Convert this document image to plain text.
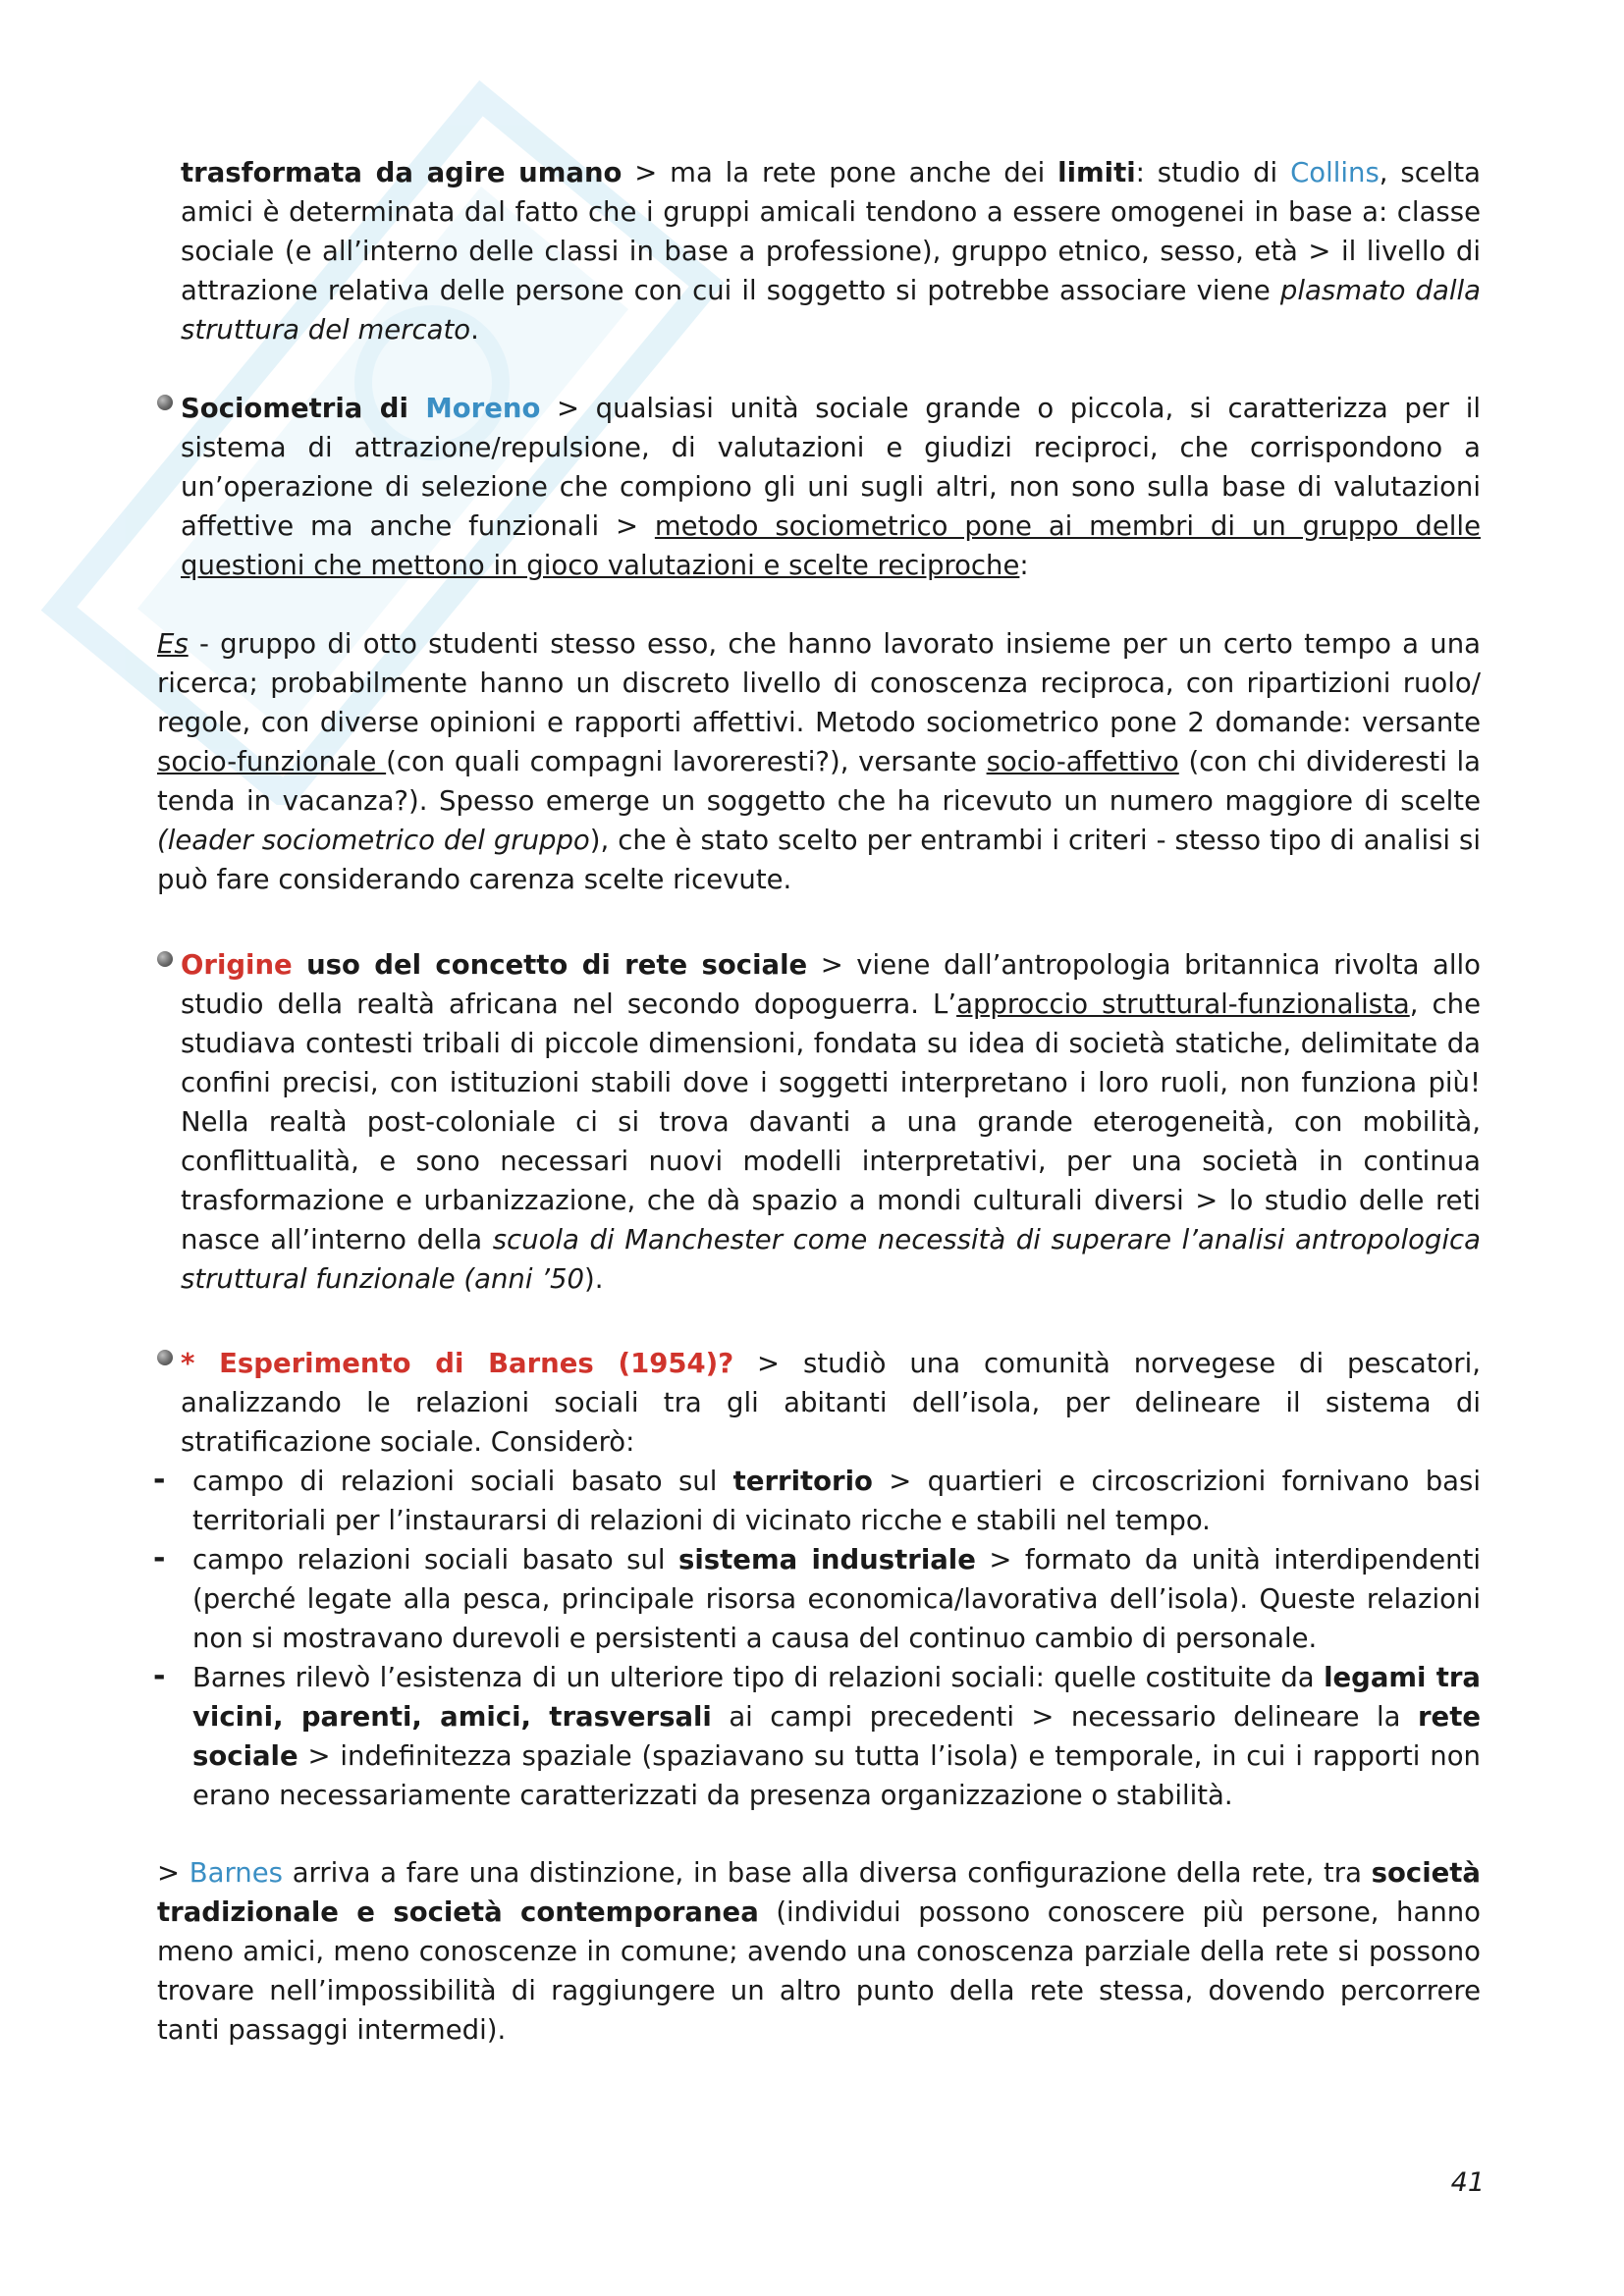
trasformata da agire umano > ma la rete pone anche dei limiti: studio di Collins, scelta amici è determinata dal fatto che i gruppi amicali tendono a essere omogenei in base a: classe sociale (e all’interno delle classi in base a professione), gruppo etnico, sesso, età > il livello di attrazione relativa delle persone con cui il soggetto si potrebbe associare viene plasmato dalla struttura del mercato.
Sociometria di Moreno > qualsiasi unità sociale grande o piccola, si caratterizza per il sistema di attrazione/repulsione, di valutazioni e giudizi reciproci, che corrispondono a un’operazione di selezione che compiono gli uni sugli altri, non sono sulla base di valutazioni affettive ma anche funzionali > metodo sociometrico pone ai membri di un gruppo delle questioni che mettono in gioco valutazioni e scelte reciproche:
Es - gruppo di otto studenti stesso esso, che hanno lavorato insieme per un certo tempo a una ricerca; probabilmente hanno un discreto livello di conoscenza reciproca, con ripartizioni ruolo/ regole, con diverse opinioni e rapporti affettivi. Metodo sociometrico pone 2 domande: versante socio-funzionale (con quali compagni lavoreresti?), versante socio-affettivo (con chi divideresti la tenda in vacanza?). Spesso emerge un soggetto che ha ricevuto un numero maggiore di scelte (leader sociometrico del gruppo), che è stato scelto per entrambi i criteri - stesso tipo di analisi si può fare considerando carenza scelte ricevute.
Origine uso del concetto di rete sociale > viene dall’antropologia britannica rivolta allo studio della realtà africana nel secondo dopoguerra. L’approccio struttural-funzionalista, che studiava contesti tribali di piccole dimensioni, fondata su idea di società statiche, delimitate da confini precisi, con istituzioni stabili dove i soggetti interpretano i loro ruoli, non funziona più! Nella realtà post-coloniale ci si trova davanti a una grande eterogeneità, con mobilità, conflittualità, e sono necessari nuovi modelli interpretativi, per una società in continua trasformazione e urbanizzazione, che dà spazio a mondi culturali diversi > lo studio delle reti nasce all’interno della scuola di Manchester come necessità di superare l’analisi antropologica struttural funzionale (anni ’50).
* Esperimento di Barnes (1954)? > studiò una comunità norvegese di pescatori, analizzando le relazioni sociali tra gli abitanti dell’isola, per delineare il sistema di stratificazione sociale. Considerò:
- campo di relazioni sociali basato sul territorio > quartieri e circoscrizioni fornivano basi territoriali per l’instaurarsi di relazioni di vicinato ricche e stabili nel tempo.
- campo relazioni sociali basato sul sistema industriale > formato da unità interdipendenti (perché legate alla pesca, principale risorsa economica/lavorativa dell’isola). Queste relazioni non si mostravano durevoli e persistenti a causa del continuo cambio di personale.
- Barnes rilevò l’esistenza di un ulteriore tipo di relazioni sociali: quelle costituite da legami tra vicini, parenti, amici, trasversali ai campi precedenti > necessario delineare la rete sociale > indefinitezza spaziale (spaziavano su tutta l’isola) e temporale, in cui i rapporti non erano necessariamente caratterizzati da presenza organizzazione o stabilità.
> Barnes arriva a fare una distinzione, in base alla diversa configurazione della rete, tra società tradizionale e società contemporanea (individui possono conoscere più persone, hanno meno amici, meno conoscenze in comune; avendo una conoscenza parziale della rete si possono trovare nell’impossibilità di raggiungere un altro punto della rete stessa, dovendo percorrere tanti passaggi intermedi).
41
